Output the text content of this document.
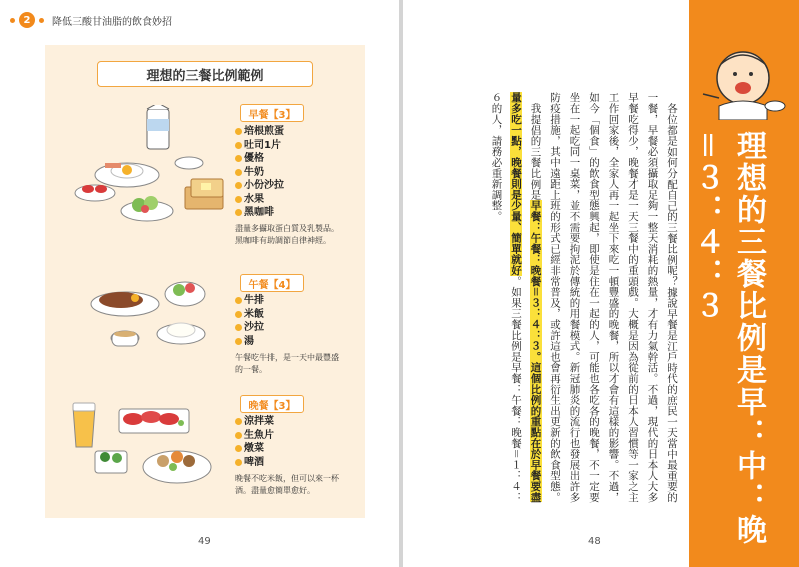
2	降低三酸甘油脂的飲食妙招
理想的三餐比例範例
早餐【3】
培根煎蛋
吐司1片
優格
牛奶
小份沙拉
水果
黑咖啡
盡量多攝取蛋白質及乳製品。
黑咖啡有助調節自律神經。
午餐【4】
牛排
米飯
沙拉
湯
午餐吃牛排，是一天中最豐盛
的一餐。
晚餐【3】
涼拌菜
生魚片
燉菜
啤酒
晚餐不吃米飯，但可以來一杯
酒。盡量愈簡單愈好。
49	理想的三餐比例是早：中：晚＝３：４：３

各位都是如何分配自己的三餐比例呢？據說早餐是江戶時代的庶民一天當中最重要的一餐，早餐必須攝取足夠一整天消耗的熱量，才有力氣幹活。不過，現代的日本人大多早餐吃得少，晚餐才是一天三餐中的重頭戲。大概是因為從前的日本人習慣等一家之主工作回家後，全家人再一起坐下來吃一頓豐盛的晚餐，所以才會有這樣的影響。不過，如今「個食」的飲食型態興起，即使是住在一起的人，可能也各吃各的晚餐，不一定要坐在一起吃同一桌菜，並不需要拘泥於傳統的用餐模式。新冠肺炎的流行也發展出許多防疫措施，其中遠距上班的形式已經非常普及，或許這也會再衍生出更新的飲食型態。

我提倡的三餐比例是早餐：午餐：晚餐＝３：４：３。這個比例的重點在於早餐要盡量多吃一點，晚餐則是少量、簡單就好。如果三餐比例是早餐：午餐：晚餐＝１：４：６的人，請務必重新調整。

48
